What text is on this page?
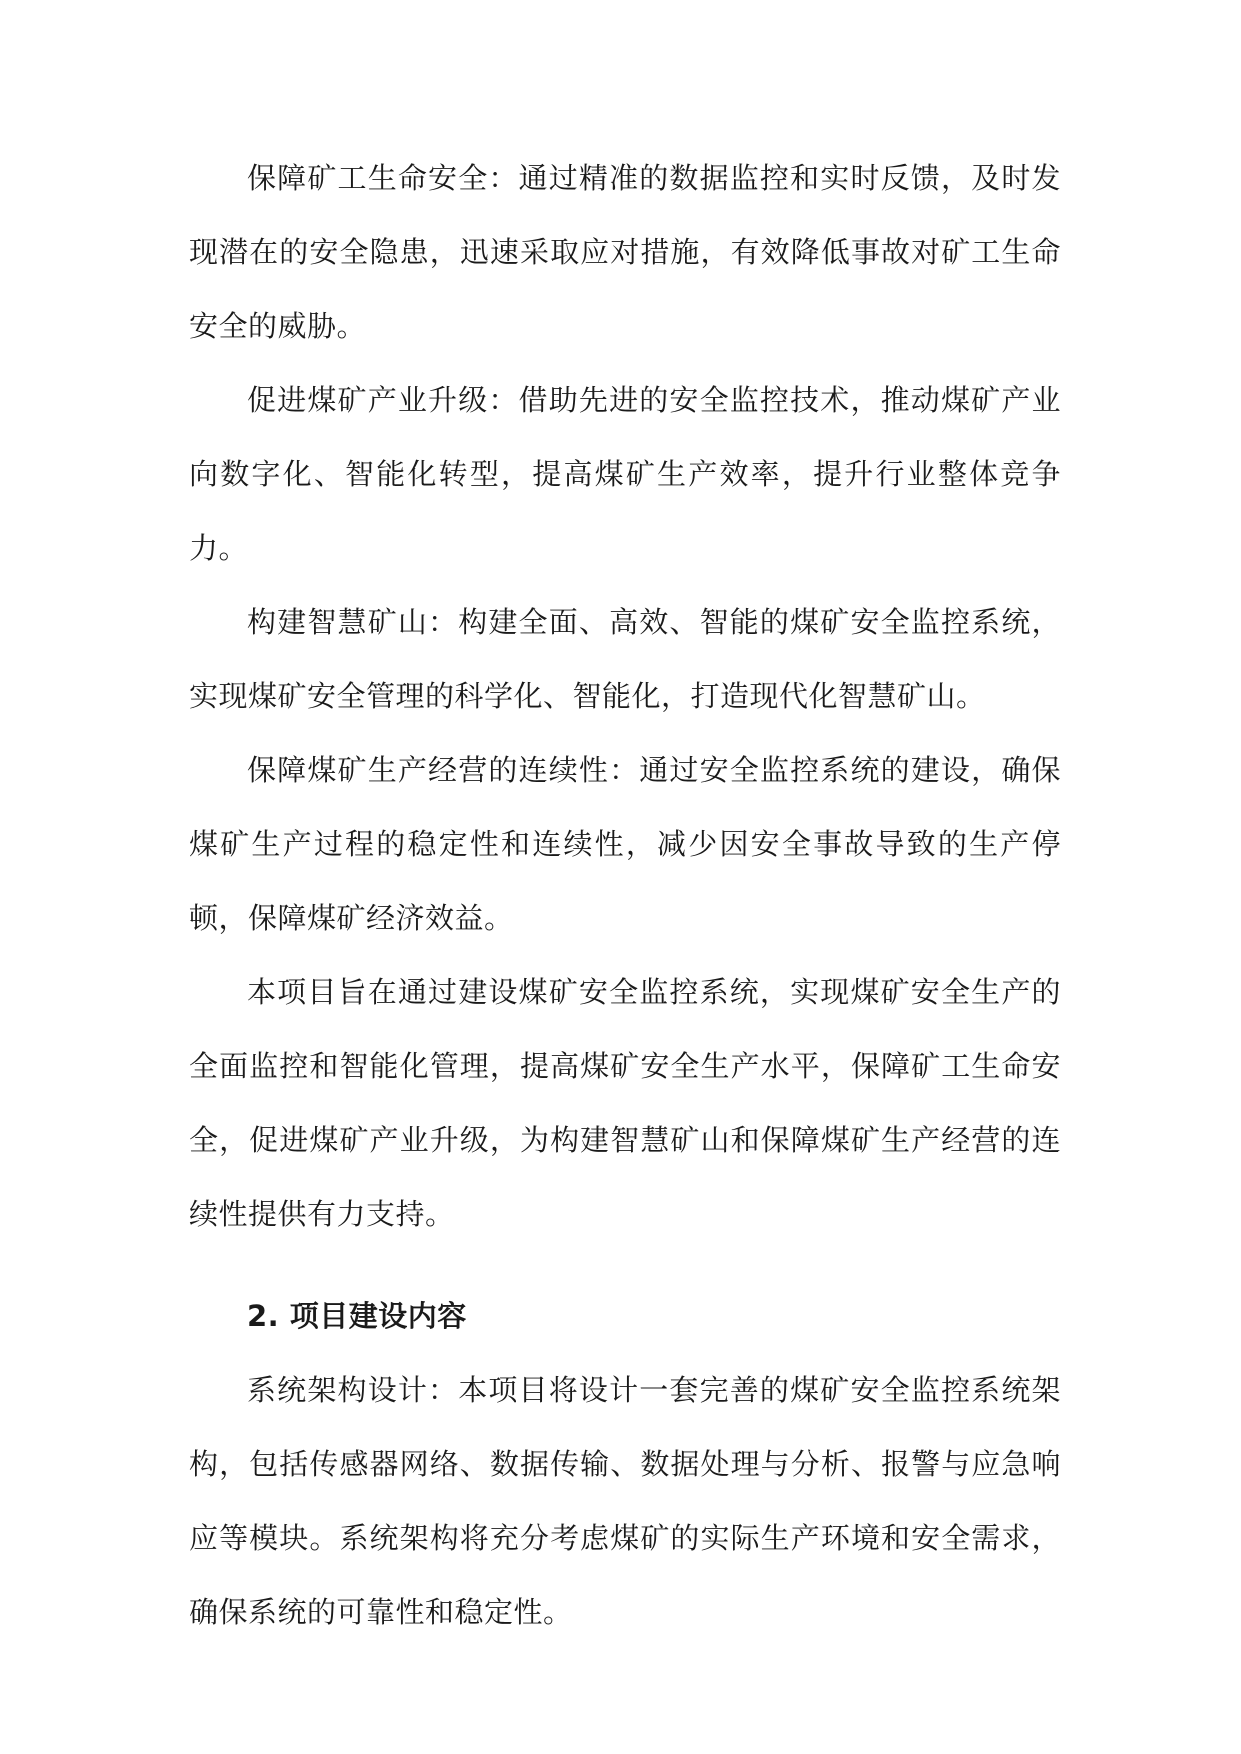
保障矿工生命安全：通过精准的数据监控和实时反馈，及时发现潜在的安全隐患，迅速采取应对措施，有效降低事故对矿工生命安全的威胁。

促进煤矿产业升级：借助先进的安全监控技术，推动煤矿产业向数字化、智能化转型，提高煤矿生产效率，提升行业整体竞争力。

构建智慧矿山：构建全面、高效、智能的煤矿安全监控系统，实现煤矿安全管理的科学化、智能化，打造现代化智慧矿山。

保障煤矿生产经营的连续性：通过安全监控系统的建设，确保煤矿生产过程的稳定性和连续性，减少因安全事故导致的生产停顿，保障煤矿经济效益。

本项目旨在通过建设煤矿安全监控系统，实现煤矿安全生产的全面监控和智能化管理，提高煤矿安全生产水平，保障矿工生命安全，促进煤矿产业升级，为构建智慧矿山和保障煤矿生产经营的连续性提供有力支持。

2. 项目建设内容

系统架构设计：本项目将设计一套完善的煤矿安全监控系统架构，包括传感器网络、数据传输、数据处理与分析、报警与应急响应等模块。系统架构将充分考虑煤矿的实际生产环境和安全需求，确保系统的可靠性和稳定性。
